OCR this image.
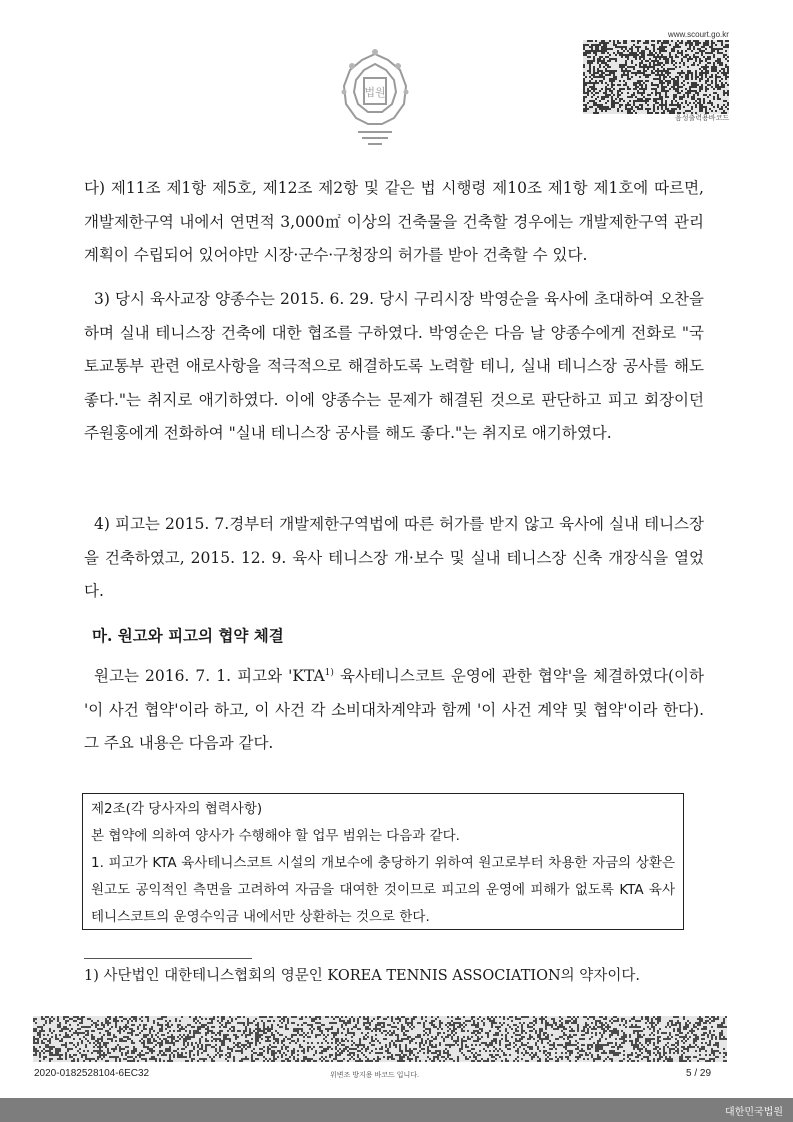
법원
www.scourt.go.kr
음성출력용바코드

다) 제11조 제1항 제5호, 제12조 제2항 및 같은 법 시행령 제10조 제1항 제1호에 따르면, 개발제한구역 내에서 연면적 3,000㎡ 이상의 건축물을 건축할 경우에는 개발제한구역 관리계획이 수립되어 있어야만 시장·군수·구청장의 허가를 받아 건축할 수 있다.

3) 당시 육사교장 양종수는 2015. 6. 29. 당시 구리시장 박영순을 육사에 초대하여 오찬을 하며 실내 테니스장 건축에 대한 협조를 구하였다. 박영순은 다음 날 양종수에게 전화로 "국토교통부 관련 애로사항을 적극적으로 해결하도록 노력할 테니, 실내 테니스장 공사를 해도 좋다."는 취지로 애기하였다. 이에 양종수는 문제가 해결된 것으로 판단하고 피고 회장이던 주원홍에게 전화하여 "실내 테니스장 공사를 해도 좋다."는 취지로 애기하였다.

4) 피고는 2015. 7.경부터 개발제한구역법에 따른 허가를 받지 않고 육사에 실내 테니스장을 건축하였고, 2015. 12. 9. 육사 테니스장 개·보수 및 실내 테니스장 신축 개장식을 열었다.

마. 원고와 피고의 협약 체결

원고는 2016. 7. 1. 피고와 'KTA$^{1)}$ 육사테니스코트 운영에 관한 협약'을 체결하였다(이하 '이 사건 협약'이라 하고, 이 사건 각 소비대차계약과 함께 '이 사건 계약 및 협약'이라 한다). 그 주요 내용은 다음과 같다.

제2조(각 당사자의 협력사항)

본 협약에 의하여 양사가 수행해야 할 업무 범위는 다음과 같다.

1. 피고가 KTA 육사테니스코트 시설의 개보수에 충당하기 위하여 원고로부터 차용한 자금의 상환은 원고도 공익적인 측면을 고려하여 자금을 대여한 것이므로 피고의 운영에 피해가 없도록 KTA 육사테니스코트의 운영수익금 내에서만 상환하는 것으로 한다.

1) 사단법인 대한테니스협회의 영문인 KOREA TENNIS ASSOCIATION의 약자이다.

2020-0182528104-6EC32	위변조 방지용 바코드 입니다.	5 / 29
대한민국법원
